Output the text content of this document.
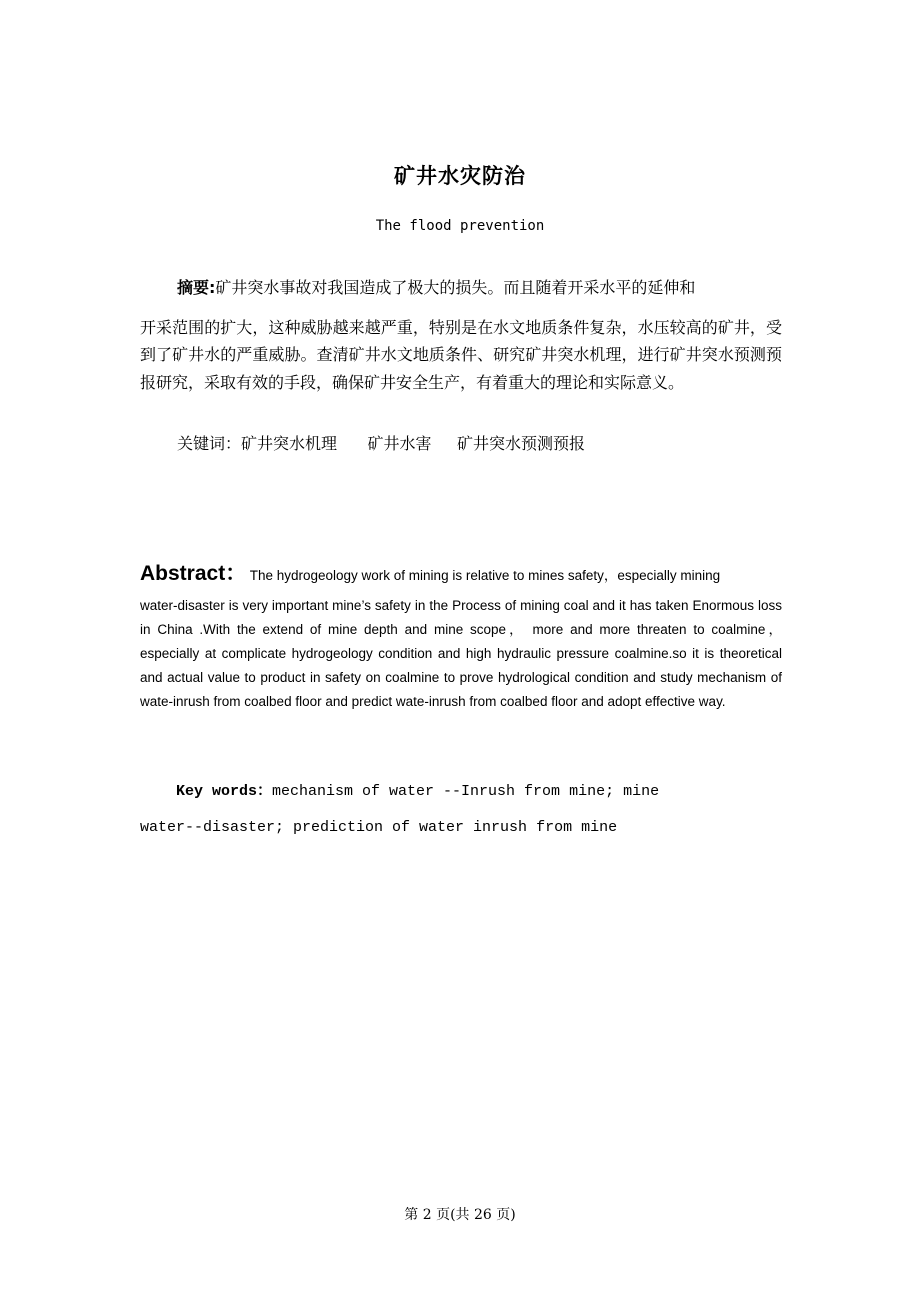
矿井水灾防治
The flood prevention
摘要:矿井突水事故对我国造成了极大的损失。而且随着开采水平的延伸和
开采范围的扩大，这种威胁越来越严重，特别是在水文地质条件复杂，水压较高的矿井，受到了矿井水的严重威胁。查清矿井水文地质条件、研究矿井突水机理，进行矿井突水预测预报研究，采取有效的手段，确保矿井安全生产，有着重大的理论和实际意义。
关键词：矿井突水机理 矿井水害 矿井突水预测预报
Abstract： The hydrogeology work of mining is relative to mines safety，especially mining
water-disaster is very important mine’s safety in the Process of mining coal and it has taken Enormous loss in China .With the extend of mine depth and mine scope， more and more threaten to coalmine， especially at complicate hydrogeology condition and high hydraulic pressure coalmine.so it is theoretical and actual value to product in safety on coalmine to prove hydrological condition and study mechanism of wate-inrush from coalbed floor and predict wate-inrush from coalbed floor and adopt effective way.
Key words：mechanism of water --Inrush from mine; mine
water--disaster; prediction of water inrush from mine
第 2 页(共 26 页)
